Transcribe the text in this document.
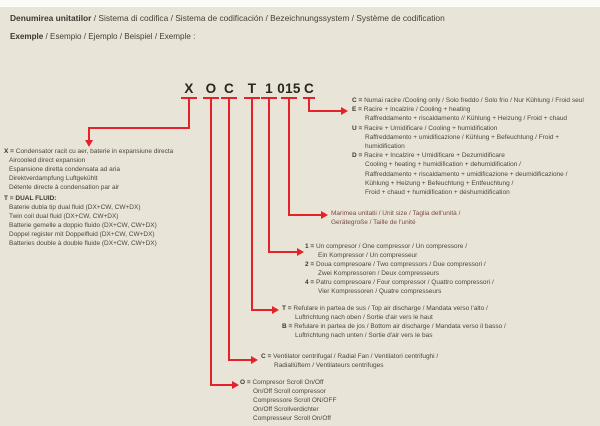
Denumirea unitatilor / Sistema di codifica / Sistema de codificación / Bezeichnungssystem / Système de codification
Exemple / Esempio / Ejemplo / Beispiel / Exemple :
X O C T 1 015 C
C = Numai racire /Cooling only / Solo freddo / Solo frio / Nur Kühlung / Froid seul
E = Racire + Incalzire / Cooling + heating
Raffreddamento + riscaldamento // Kühlung + Heizung / Froid + chaud
U = Racire + Umidificare / Cooling + humidification
Raffreddamento + umidificazione / Kühlung + Befeuchtung / Froid +
humidification
D = Racire + Incalzire + Umidificare + Dezumidificare
Cooling + heating + humidification + dehumidification /
Raffreddamento + riscaldamento + umidificazione + deumidificazione /
Kühlung + Heizung + Befeuchtung + Entfeuchtung /
Froid + chaud + humidification + déshumidification
Marimea unitatii / Unit size / Taglia dell'unità /
Gerätegroße / Taille de l'unité
1 = Un compresor / One compressor / Un compressore /
Ein Kompressor / Un compresseur
2 = Doua compresoare / Two compressors / Due compressori /
Zwei Kompressoren / Deux compresseurs
4 = Patru compresoare / Four compressor / Quattro compressori /
Vier Kompressoren / Quatre compresseurs
T = Refulare in partea de sus / Top air discharge / Mandata verso l'alto /
Luftrichtung nach oben / Sortie d'air vers le haut
B = Refulare in partea de jos / Bottom air discharge / Mandata verso il basso /
Luftrichtung nach unten / Sortie d'air vers le bas
C = Ventilator centrifugal / Radial Fan / Ventilatori centrifughi /
Radiallüftern / Ventilateurs centrifuges
O = Compresor Scroll On/Off
On/Off Scroll compressor
Compressore Scroll ON/OFF
On/Off Scrollverdichter
Compresseur Scroll On/Off
X = Condensator racit cu aer, baterie in expansiune directa
Aircooled direct expansion
Espansione diretta condensata ad aria
Direktverdampfung Luftgekühlt
Détente directe à condensation par air
T = DUAL FLUID:
Baterie dubla tip dual fluid (DX+CW, CW+DX)
Twin coil dual fluid (DX+CW, CW+DX)
Batterie gemelle a doppio fluido (DX+CW, CW+DX)
Doppel register mit Doppelfluid (DX+CW, CW+DX)
Batteries double à double fluide (DX+CW, CW+DX)
